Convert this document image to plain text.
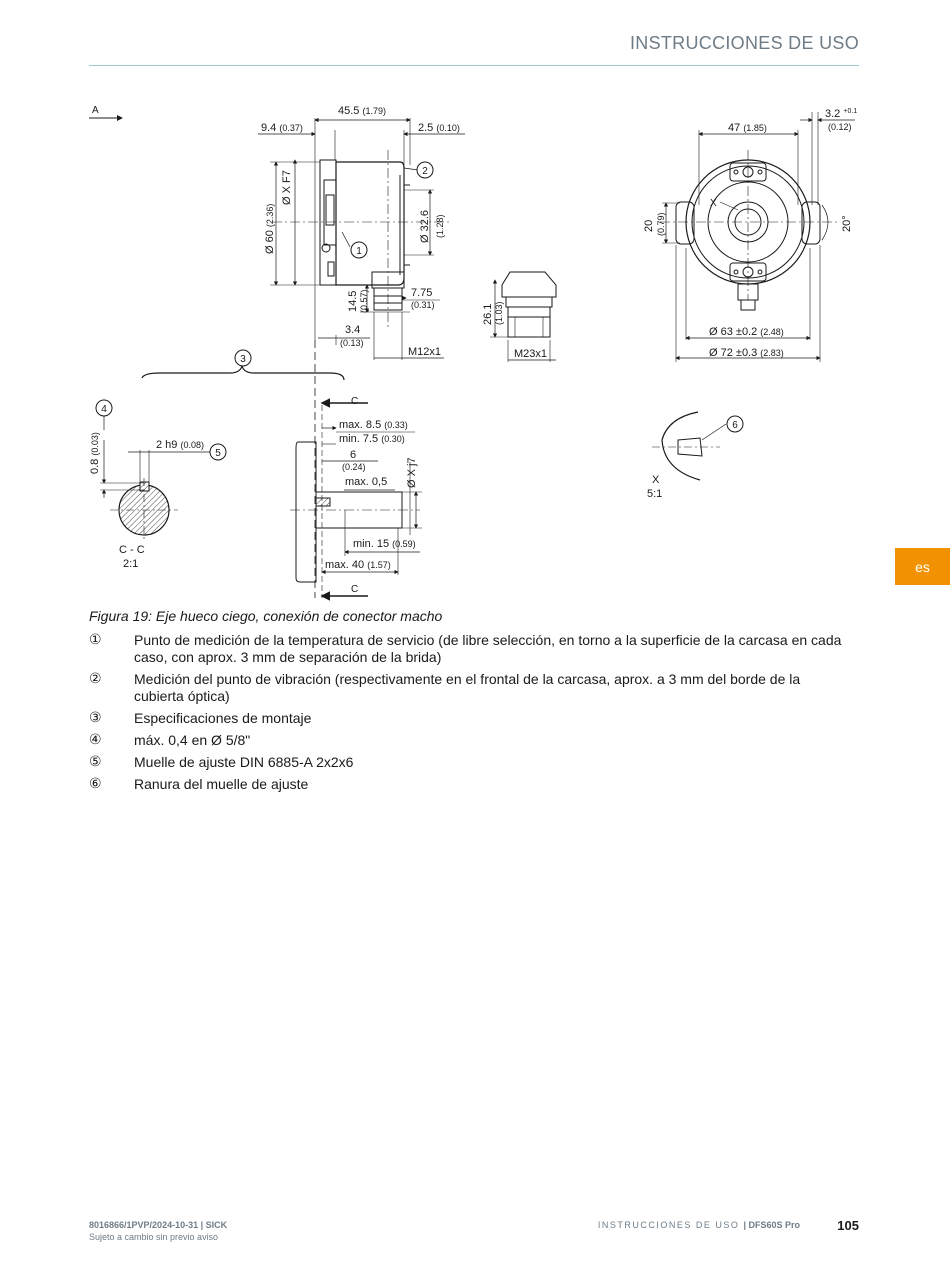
INSTRUCCIONES DE USO
es
A	45.5 (1.79)
9.4 (0.37)	2.5 (0.10)
Ø X F7
Ø 60 (2.36)	Ø 32.6 (1.28)
14.5 (0.57)	7.75
(0.31)
3.4
(0.13)
M12x1
26.1 (1.03)
M23x1
47 (1.85)
3.2 $^{+0.1}$
(0.12)
20 (0.79)	20°
X
Ø 63 ±0.2 (2.48)
Ø 72 ±0.3 (2.83)
C
C
max. 8.5 (0.33)
min. 7.5 (0.30)
6
(0.24)
max. 0,5 Ø X j7
min. 15 (0.59)
max. 40 (1.57)
0.8 (0.03)	2 h9 (0.08)
C - C
2:1
X
5:1
1
2
3
4
5
6
Figura 19: Eje hueco ciego, conexión de conector macho
①	Punto de medición de la temperatura de servicio (de libre selección, en torno a la superficie de la carcasa en cada caso, con aprox. 3 mm de separación de la brida)
②	Medición del punto de vibración (respectivamente en el frontal de la carcasa, aprox. a 3 mm del borde de la cubierta óptica)
③	Especificaciones de montaje
④	máx. 0,4 en Ø 5/8"
⑤	Muelle de ajuste DIN 6885-A 2x2x6
⑥	Ranura del muelle de ajuste
8016866/1PVP/2024-10-31 | SICK
Sujeto a cambio sin previo aviso
INSTRUCCIONES DE USO | DFS60S Pro	105
